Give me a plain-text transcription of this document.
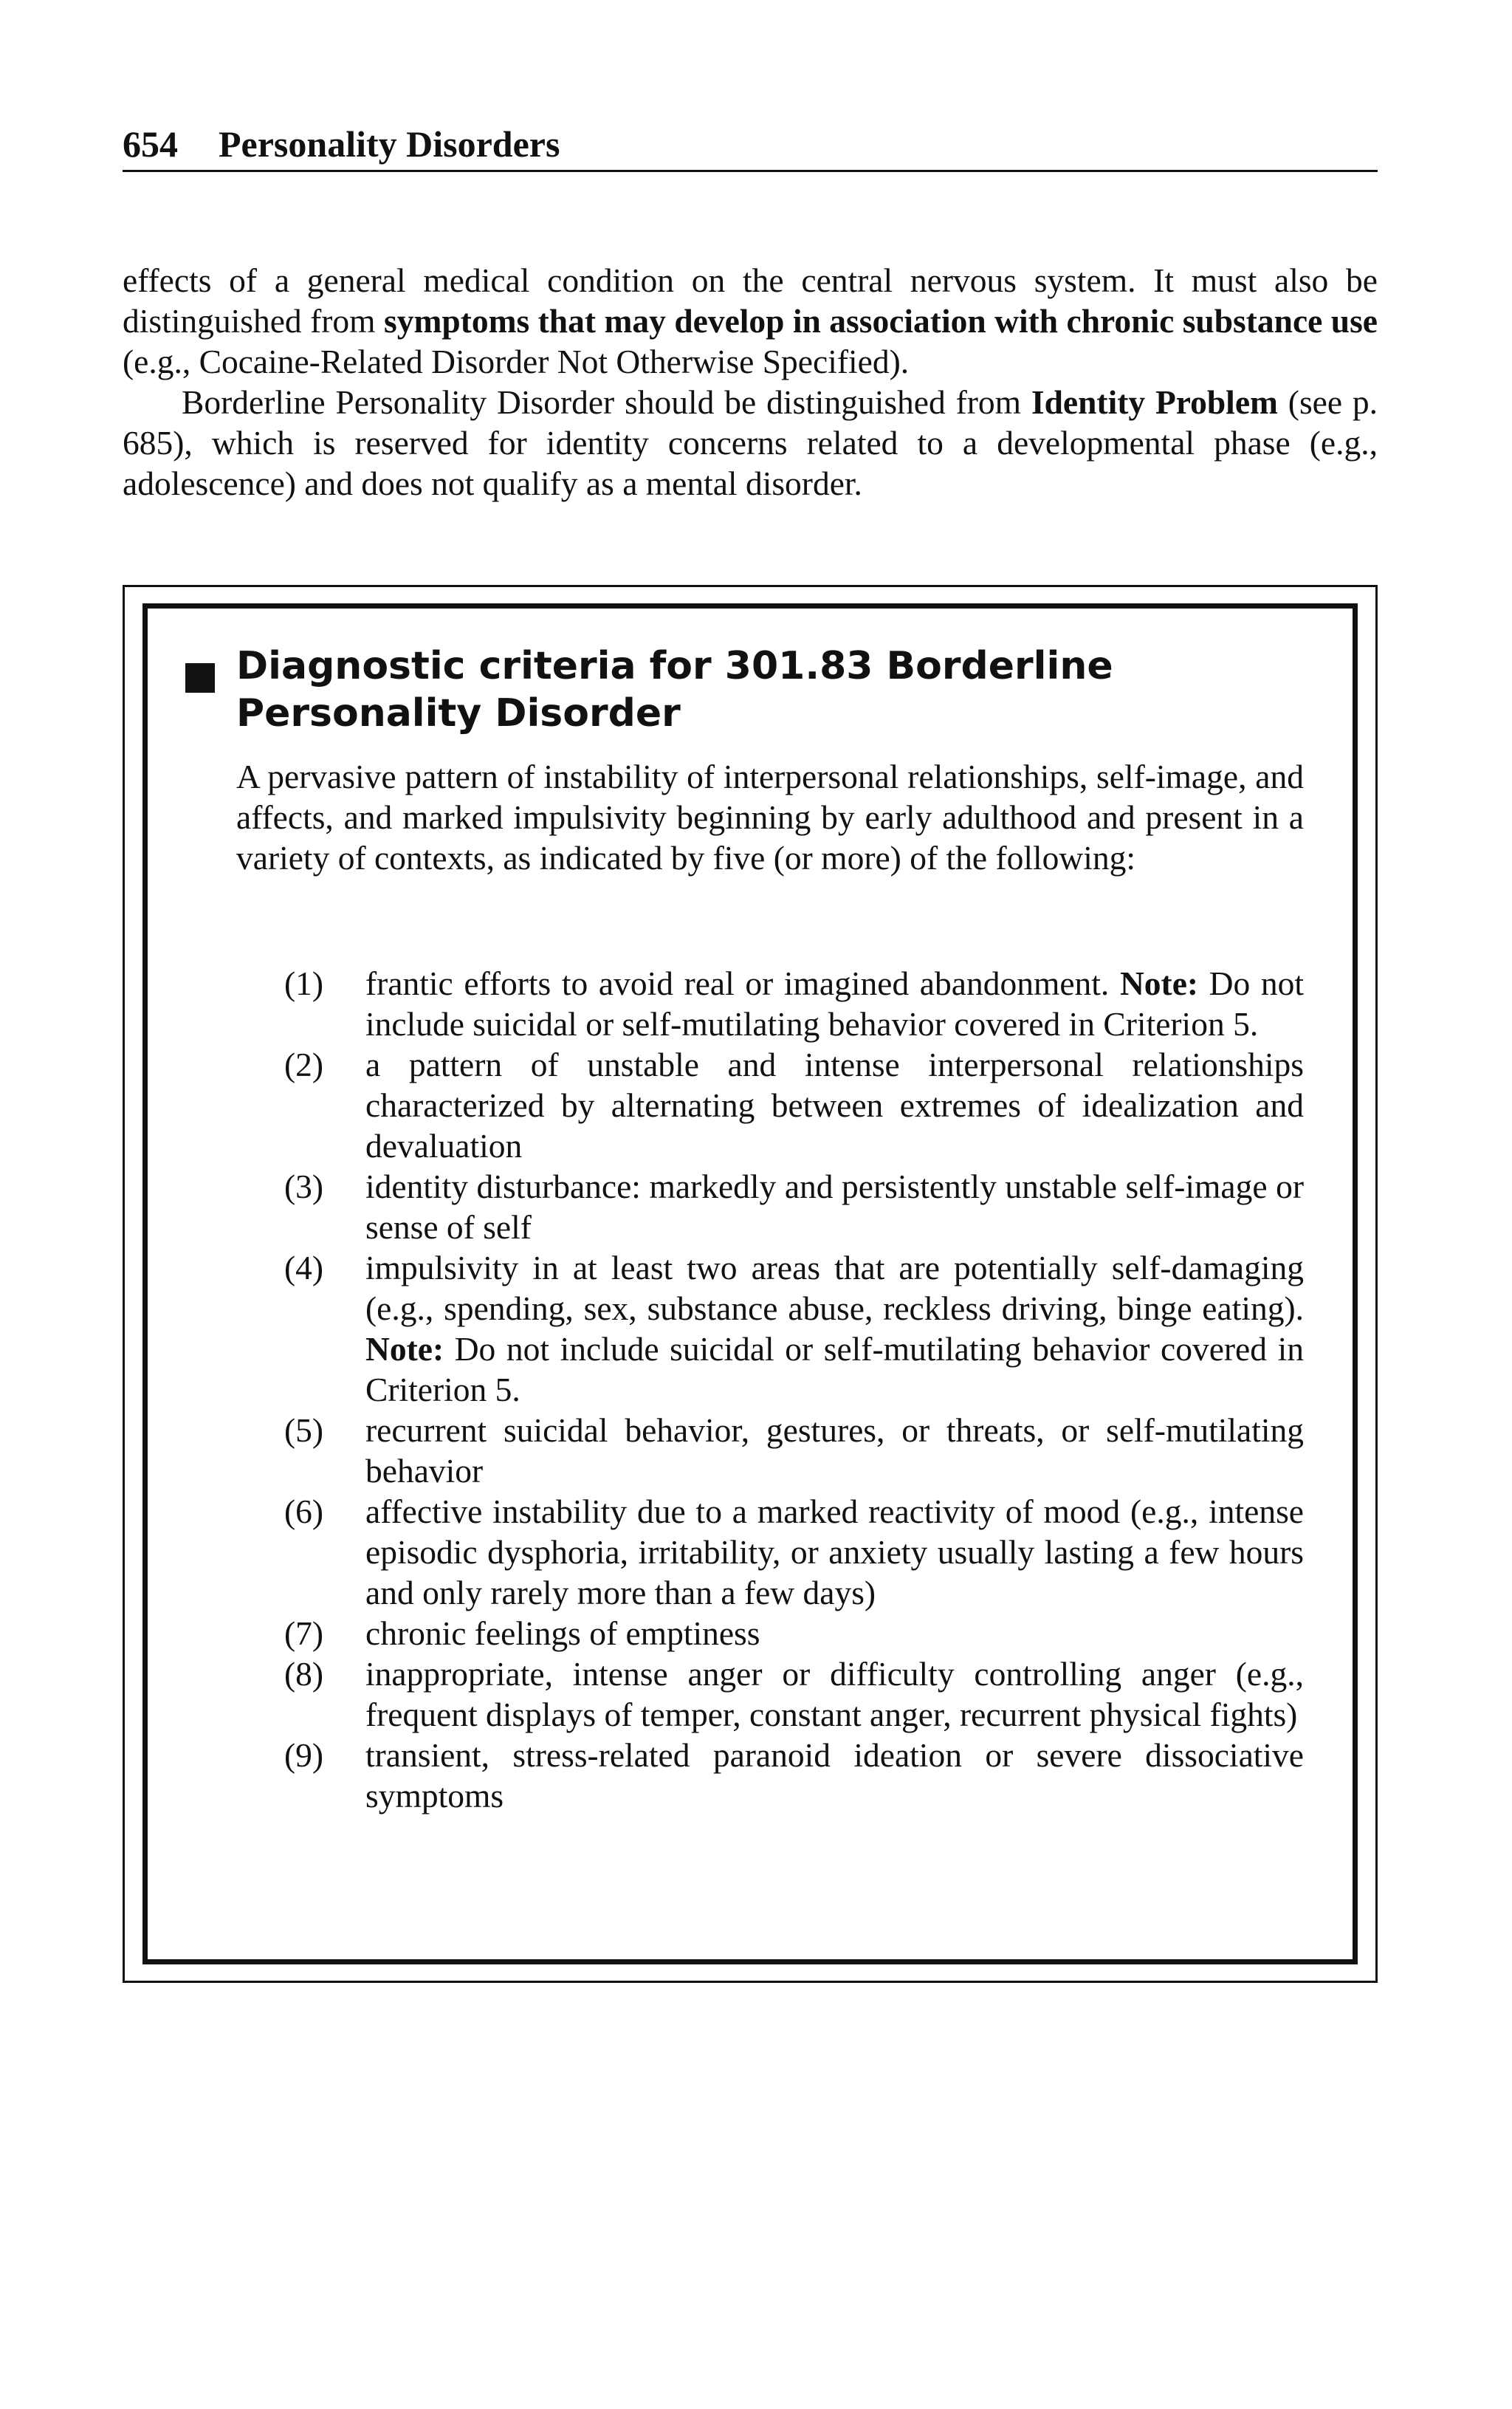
654 Personality Disorders

effects of a general medical condition on the central nervous system. It must also be distinguished from symptoms that may develop in association with chronic substance use (e.g., Cocaine-Related Disorder Not Otherwise Specified).

Borderline Personality Disorder should be distinguished from Identity Problem (see p. 685), which is reserved for identity concerns related to a developmental phase (e.g., adolescence) and does not qualify as a mental disorder.

Diagnostic criteria for 301.83 Borderline Personality Disorder

A pervasive pattern of instability of interpersonal relationships, self-image, and affects, and marked impulsivity beginning by early adulthood and present in a variety of contexts, as indicated by five (or more) of the following:

(1) frantic efforts to avoid real or imagined abandonment. Note: Do not include suicidal or self-mutilating behavior covered in Criterion 5.
(2) a pattern of unstable and intense interpersonal relationships characterized by alternating between extremes of idealization and devaluation
(3) identity disturbance: markedly and persistently unstable self-image or sense of self
(4) impulsivity in at least two areas that are potentially self-damaging (e.g., spending, sex, substance abuse, reckless driving, binge eating). Note: Do not include suicidal or self-mutilating behavior covered in Criterion 5.
(5) recurrent suicidal behavior, gestures, or threats, or self-mutilating behavior
(6) affective instability due to a marked reactivity of mood (e.g., intense episodic dysphoria, irritability, or anxiety usually lasting a few hours and only rarely more than a few days)
(7) chronic feelings of emptiness
(8) inappropriate, intense anger or difficulty controlling anger (e.g., frequent displays of temper, constant anger, recurrent physical fights)
(9) transient, stress-related paranoid ideation or severe dissociative symptoms
